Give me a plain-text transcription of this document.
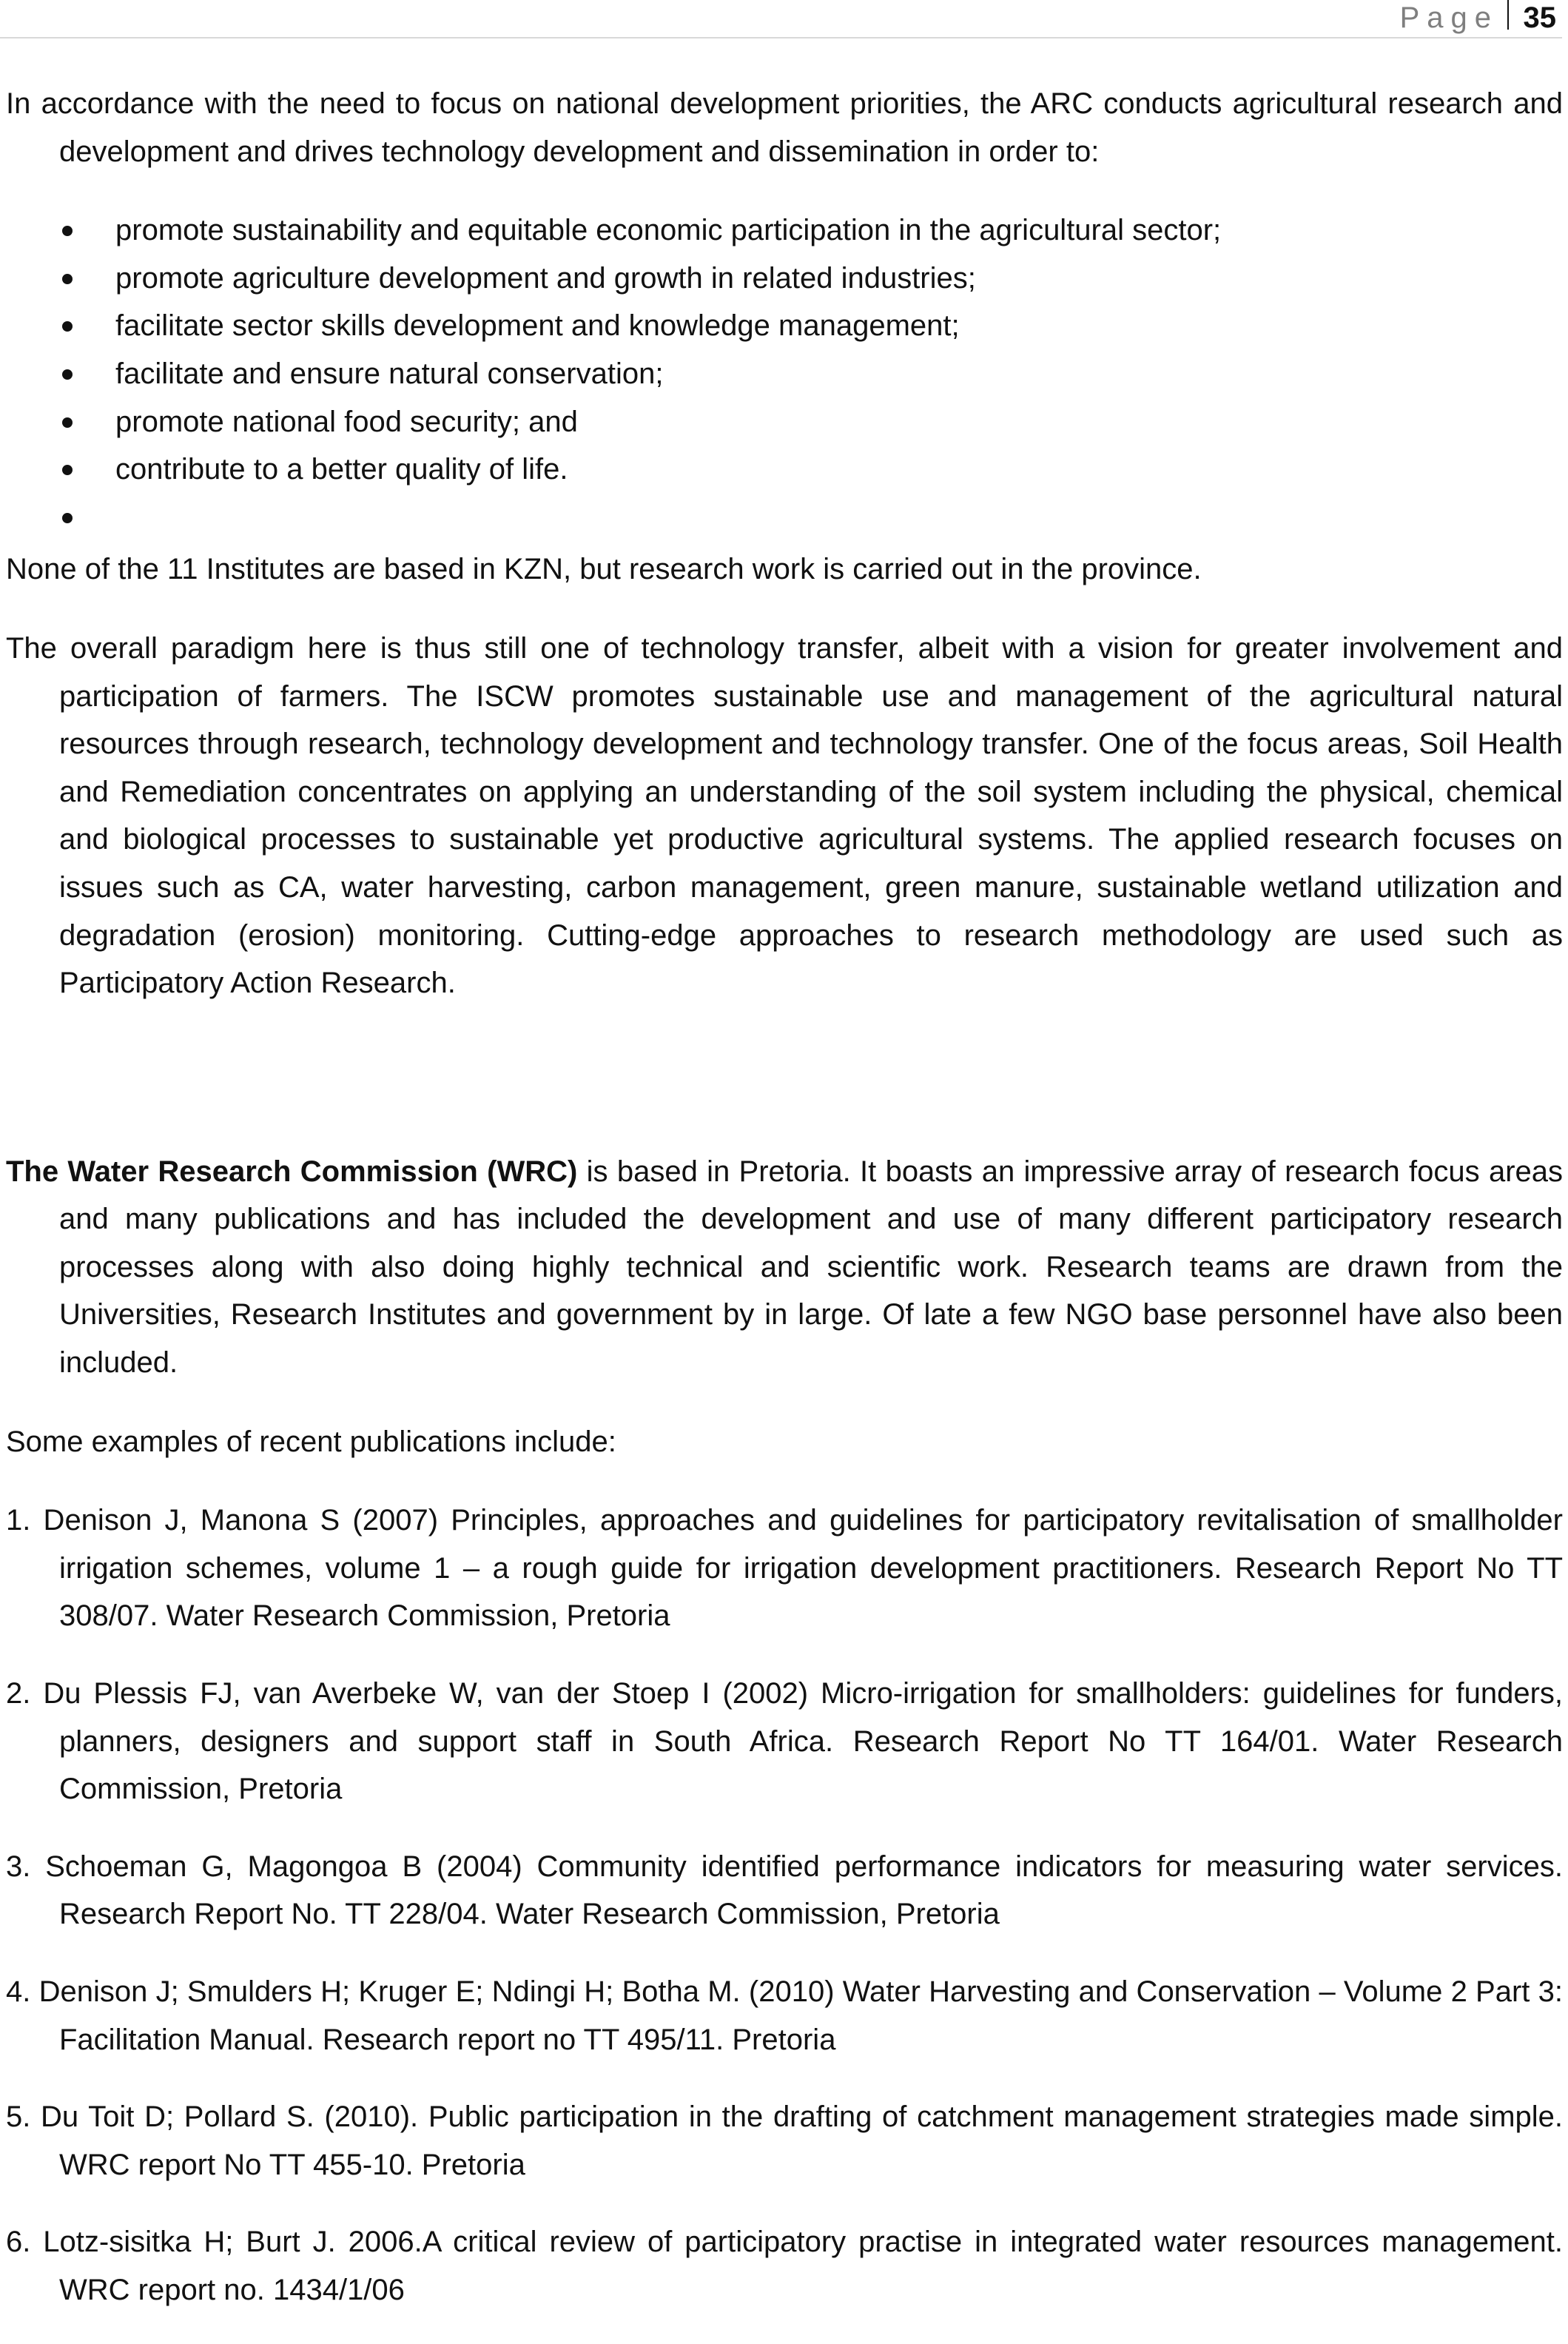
Page 35

In accordance with the need to focus on national development priorities, the ARC conducts agricultural research and development and drives technology development and dissemination in order to:

promote sustainability and equitable economic participation in the agricultural sector;
promote agriculture development and growth in related industries;
facilitate sector skills development and knowledge management;
facilitate and ensure natural conservation;
promote national food security; and
contribute to a better quality of life.

None of the 11 Institutes are based in KZN, but research work is carried out in the province.

The overall paradigm here is thus still one of technology transfer, albeit with a vision for greater involvement and participation of farmers. The ISCW promotes sustainable use and management of the agricultural natural resources through research, technology development and technology transfer. One of the focus areas, Soil Health and Remediation concentrates on applying an understanding of the soil system including the physical, chemical and biological processes to sustainable yet productive agricultural systems. The applied research focuses on issues such as CA, water harvesting, carbon management, green manure, sustainable wetland utilization and degradation (erosion) monitoring. Cutting-edge approaches to research methodology are used such as Participatory Action Research.

The Water Research Commission (WRC) is based in Pretoria. It boasts an impressive array of research focus areas and many publications and has included the development and use of many different participatory research processes along with also doing highly technical and scientific work. Research teams are drawn from the Universities, Research Institutes and government by in large. Of late a few NGO base personnel have also been included.

Some examples of recent publications include:

1. Denison J, Manona S (2007) Principles, approaches and guidelines for participatory revitalisation of smallholder irrigation schemes, volume 1 – a rough guide for irrigation development practitioners. Research Report No TT 308/07. Water Research Commission, Pretoria

2. Du Plessis FJ, van Averbeke W, van der Stoep I (2002) Micro-irrigation for smallholders: guidelines for funders, planners, designers and support staff in South Africa. Research Report No TT 164/01. Water Research Commission, Pretoria

3. Schoeman G, Magongoa B (2004) Community identified performance indicators for measuring water services. Research Report No. TT 228/04. Water Research Commission, Pretoria

4. Denison J; Smulders H; Kruger E; Ndingi H; Botha M. (2010) Water Harvesting and Conservation – Volume 2 Part 3: Facilitation Manual. Research report no TT 495/11. Pretoria

5. Du Toit D; Pollard S. (2010). Public participation in the drafting of catchment management strategies made simple. WRC report No TT 455-10. Pretoria

6. Lotz-sisitka H; Burt J. 2006.A critical review of participatory practise in integrated water resources management. WRC report no. 1434/1/06
